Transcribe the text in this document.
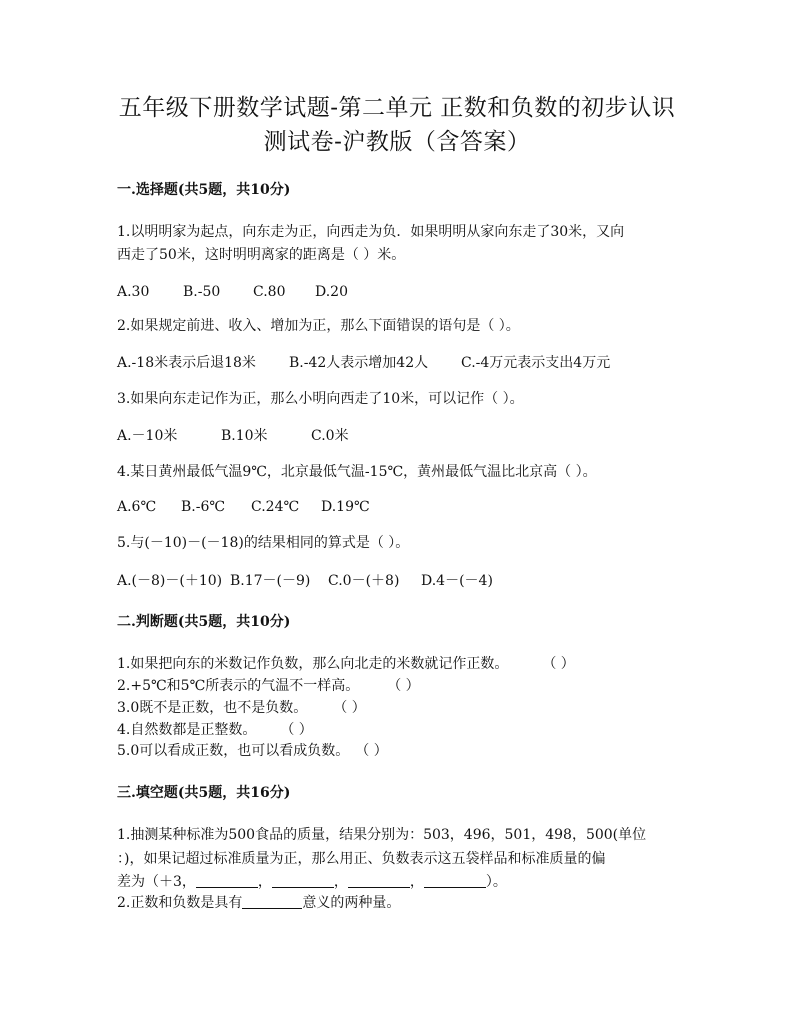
五年级下册数学试题-第二单元 正数和负数的初步认识
测试卷-沪教版（含答案）
一.选择题(共5题，共10分)
1.以明明家为起点，向东走为正，向西走为负．如果明明从家向东走了30米，又向
西走了50米，这时明明离家的距离是（ ）米。
A.30 B.-50 C.80 D.20
2.如果规定前进、收入、增加为正，那么下面错误的语句是（ ）。
A.-18米表示后退18米 B.-42人表示增加42人 C.-4万元表示支出4万元
3.如果向东走记作为正，那么小明向西走了10米，可以记作（ ）。
A.－10米	B.10米	C.0米
4.某日黄州最低气温9℃，北京最低气温-15℃，黄州最低气温比北京高（ ）。
A.6℃ B.-6℃ C.24℃ D.19℃
5.与(－10)－(－18)的结果相同的算式是（ ）。
A.(－8)－(＋10) B.17－(－9) C.0－(＋8) D.4－(－4)
二.判断题(共5题，共10分)
1.如果把向东的米数记作负数，那么向北走的米数就记作正数。 （ ）
2.+5℃和5℃所表示的气温不一样高。 （ ）
3.0既不是正数，也不是负数。 （ ）
4.自然数都是正整数。 （ ）
5.0可以看成正数，也可以看成负数。 （ ）
三.填空题(共5题，共16分)
1.抽测某种标准为500食品的质量，结果分别为：503，496，501，498，500(单位
：)，如果记超过标准质量为正，那么用正、负数表示这五袋样品和标准质量的偏
差为（＋3，	，	，	，	）。
2.正数和负数是具有	意义的两种量。
